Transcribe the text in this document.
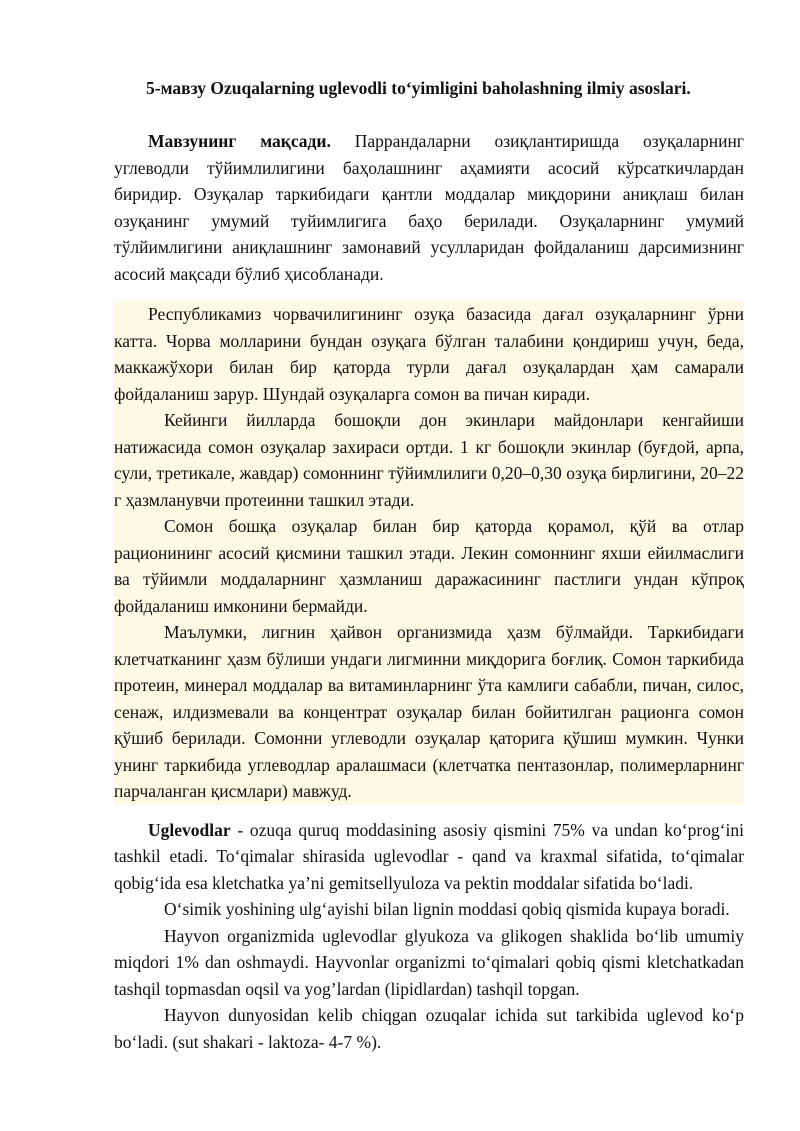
5-мавзу Ozuqalarning uglevodli to‘yimligini baholashning ilmiy asoslari.

Мавзунинг мақсади. Паррандаларни озиқлантиришда озуқаларнинг углеводли тўйимлилигини баҳолашнинг аҳамияти асосий кўрсаткичлардан биридир. Озуқалар таркибидаги қантли моддалар миқдорини аниқлаш билан озуқанинг умумий туйимлигига баҳо берилади. Озуқаларнинг умумий тўлйимлигини аниқлашнинг замонавий усулларидан фойдаланиш дарсимизнинг асосий мақсади бўлиб ҳисобланади.

Республикамиз чорвачилигининг озуқа базасида дағал озуқаларнинг ўрни катта. Чорва молларини бундан озуқага бўлган талабини қондириш учун, беда, маккажўхори билан бир қаторда турли дағал озуқалардан ҳам самарали фойдаланиш зарур. Шундай озуқаларга сомон ва пичан киради.

Кейинги йилларда бошоқли дон экинлари майдонлари кенгайиши натижасида сомон озуқалар захираси ортди. 1 кг бошоқли экинлар (буғдой, арпа, сули, третикале, жавдар) сомоннинг тўйимлилиги 0,20–0,30 озуқа бирлигини, 20–22 г ҳазмланувчи протеинни ташкил этади.

Сомон бошқа озуқалар билан бир қаторда қорамол, қўй ва отлар рационининг асосий қисмини ташкил этади. Лекин сомоннинг яхши ейилмаслиги ва тўйимли моддаларнинг ҳазмланиш даражасининг пастлиги ундан кўпроқ фойдаланиш имконини бермайди.

Маълумки, лигнин ҳайвон организмида ҳазм бўлмайди. Таркибидаги клетчатканинг ҳазм бўлиши ундаги лигминни миқдорига боғлиқ. Сомон таркибида протеин, минерал моддалар ва витаминларнинг ўта камлиги сабабли, пичан, силос, сенаж, илдизмевали ва концентрат озуқалар билан бойитилган рационга сомон қўшиб берилади. Сомонни углеводли озуқалар қаторига қўшиш мумкин. Чунки унинг таркибида углеводлар аралашмаси (клетчатка пентазонлар, полимерларнинг парчаланган қисмлари) мавжуд.

Uglevodlar - ozuqa quruq moddasining asosiy qismini 75% va undan ko‘prog‘ini tashkil etadi. To‘qimalar shirasida uglevodlar - qand va kraxmal sifatida, to‘qimalar qobig‘ida esa kletchatka ya’ni gemitsellyuloza va pektin moddalar sifatida bo‘ladi.

O‘simik yoshining ulg‘ayishi bilan lignin moddasi qobiq qismida kupaya boradi.

Hayvon organizmida uglevodlar glyukoza va glikogen shaklida bo‘lib umumiy miqdori 1% dan oshmaydi. Hayvonlar organizmi to‘qimalari qobiq qismi kletchatkadan tashqil topmasdan oqsil va yog’lardan (lipidlardan) tashqil topgan.

Hayvon dunyosidan kelib chiqgan ozuqalar ichida sut tarkibida uglevod ko‘p bo‘ladi. (sut shakari - laktoza- 4-7 %).
